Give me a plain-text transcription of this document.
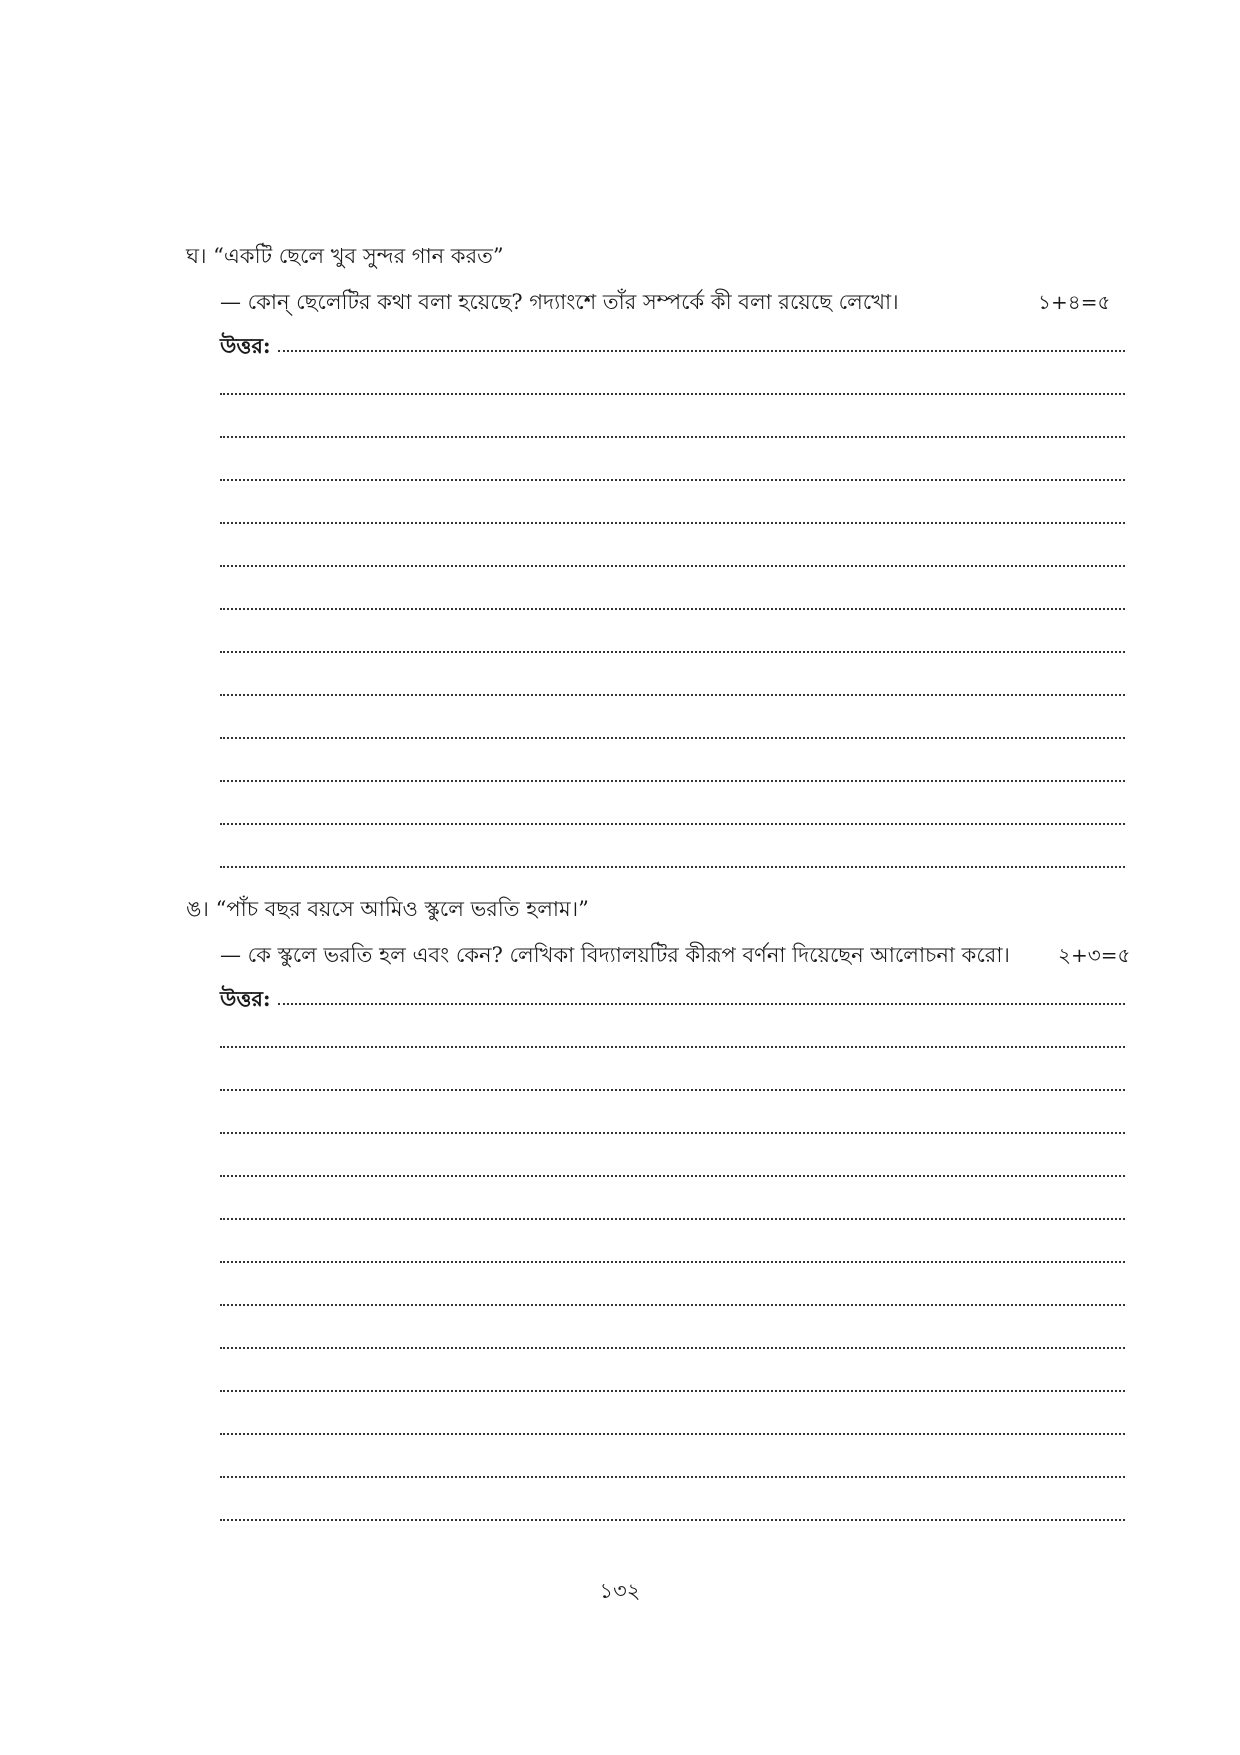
ঘ। “একটি ছেলে খুব সুন্দর গান করত”
— কোন্ ছেলেটির কথা বলা হয়েছে? গদ্যাংশে তাঁর সম্পর্কে কী বলা রয়েছে লেখো।	১+৪=৫
উত্তর:
ঙ। “পাঁচ বছর বয়সে আমিও স্কুলে ভরতি হলাম।”
— কে স্কুলে ভরতি হল এবং কেন? লেখিকা বিদ্যালয়টির কীরূপ বর্ণনা দিয়েছেন আলোচনা করো। ২+৩=৫
উত্তর:
১৩২
